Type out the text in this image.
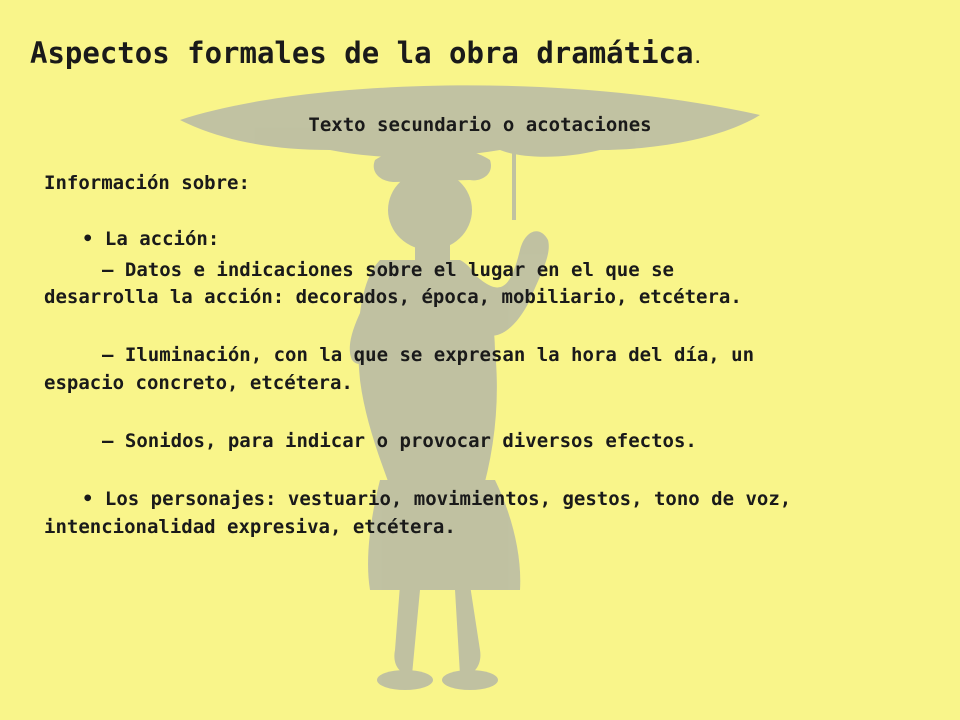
Aspectos formales de la obra dramática.
Texto secundario o acotaciones
Información sobre:
• La acción:
– Datos e indicaciones sobre el lugar en el que se
desarrolla la acción: decorados, época, mobiliario, etcétera.
– Iluminación, con la que se expresan la hora del día, un
espacio concreto, etcétera.
– Sonidos, para indicar o provocar diversos efectos.
• Los personajes: vestuario, movimientos, gestos, tono de voz,
intencionalidad expresiva, etcétera.
